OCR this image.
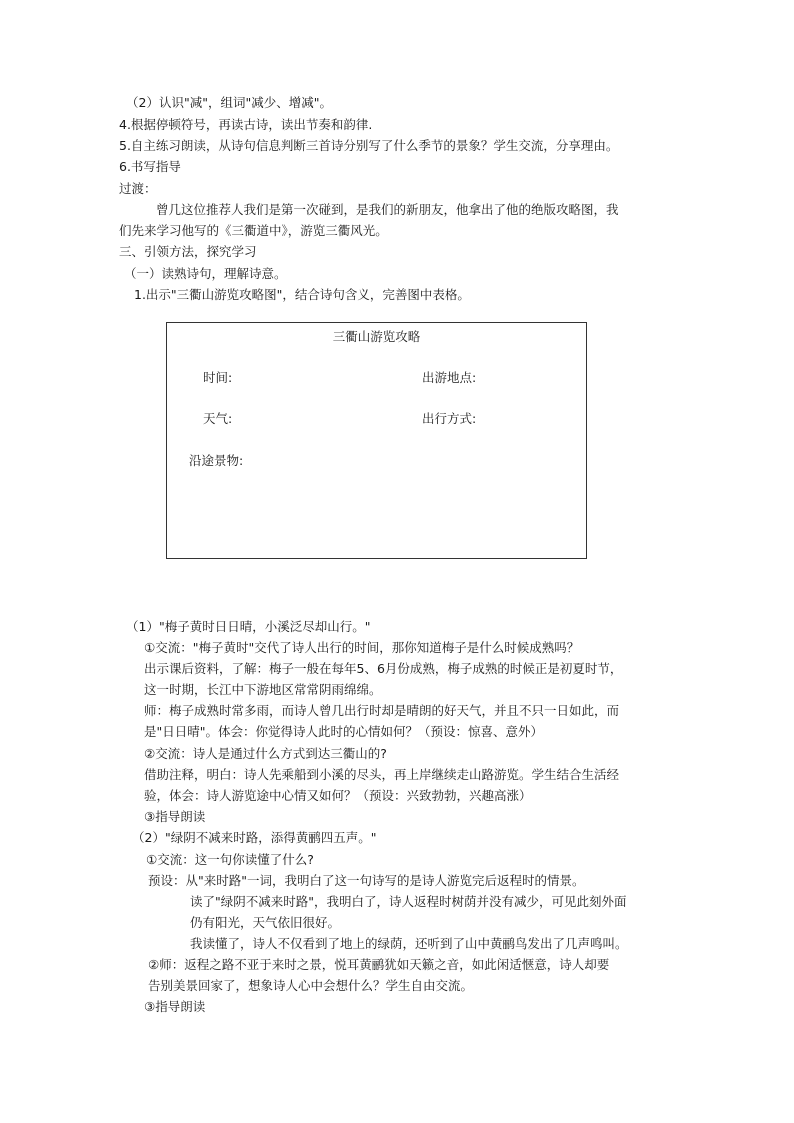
（2）认识"减"，组词"减少、增减"。
4.根据停顿符号，再读古诗，读出节奏和韵律.
5.自主练习朗读，从诗句信息判断三首诗分别写了什么季节的景象？学生交流，分享理由。
6.书写指导
过渡：
曾几这位推荐人我们是第一次碰到，是我们的新朋友，他拿出了他的绝版攻略图，我
们先来学习他写的《三衢道中》，游览三衢风光。
三、引领方法，探究学习
（一）读熟诗句，理解诗意。
1.出示"三衢山游览攻略图"，结合诗句含义，完善图中表格。
（1）"梅子黄时日日晴，小溪泛尽却山行。"
①交流："梅子黄时"交代了诗人出行的时间，那你知道梅子是什么时候成熟吗？
出示课后资料，了解：梅子一般在每年5、6月份成熟，梅子成熟的时候正是初夏时节，
这一时期，长江中下游地区常常阴雨绵绵。
师：梅子成熟时常多雨，而诗人曾几出行时却是晴朗的好天气，并且不只一日如此，而
是"日日晴"。体会：你觉得诗人此时的心情如何？（预设：惊喜、意外）
②交流：诗人是通过什么方式到达三衢山的?
借助注释，明白：诗人先乘船到小溪的尽头，再上岸继续走山路游览。学生结合生活经
验，体会：诗人游览途中心情又如何？（预设：兴致勃勃，兴趣高涨）
③指导朗读
（2）"绿阴不减来时路，添得黄鹂四五声。"
①交流：这一句你读懂了什么?
预设：从"来时路"一词，我明白了这一句诗写的是诗人游览完后返程时的情景。
读了"绿阴不减来时路"，我明白了，诗人返程时树荫并没有减少，可见此刻外面
仍有阳光，天气依旧很好。
我读懂了，诗人不仅看到了地上的绿荫，还听到了山中黄鹂鸟发出了几声鸣叫。
②师：返程之路不亚于来时之景，悦耳黄鹂犹如天籁之音，如此闲适惬意，诗人却要
告别美景回家了，想象诗人心中会想什么？学生自由交流。
③指导朗读
三衢山游览攻略
时间:	出游地点:
天气:	出行方式:
沿途景物:
